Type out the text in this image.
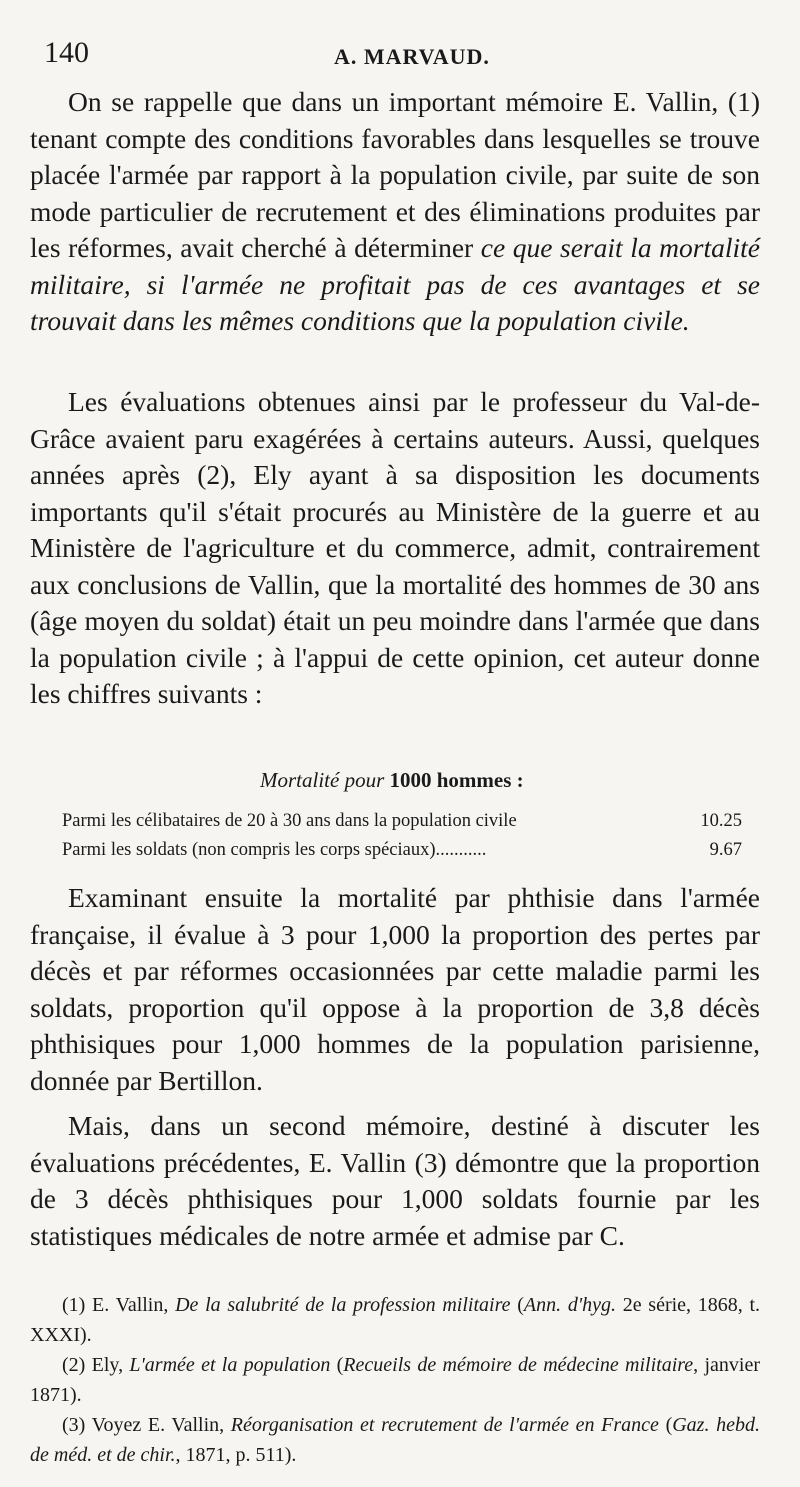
140	A. MARVAUD.

On se rappelle que dans un important mémoire E. Vallin, (1) tenant compte des conditions favorables dans lesquelles se trouve placée l'armée par rapport à la population civile, par suite de son mode particulier de recrutement et des éliminations produites par les réformes, avait cherché à déterminer ce que serait la mortalité militaire, si l'armée ne profitait pas de ces avantages et se trouvait dans les mêmes conditions que la population civile.

Les évaluations obtenues ainsi par le professeur du Val-de-Grâce avaient paru exagérées à certains auteurs. Aussi, quelques années après (2), Ely ayant à sa disposition les documents importants qu'il s'était procurés au Ministère de la guerre et au Ministère de l'agriculture et du commerce, admit, contrairement aux conclusions de Vallin, que la mortalité des hommes de 30 ans (âge moyen du soldat) était un peu moindre dans l'armée que dans la population civile ; à l'appui de cette opinion, cet auteur donne les chiffres suivants :

Mortalité pour 1000 hommes :
Parmi les célibataires de 20 à 30 ans dans la population civile	10.25
Parmi les soldats (non compris les corps spéciaux)...........	9.67

Examinant ensuite la mortalité par phthisie dans l'armée française, il évalue à 3 pour 1,000 la proportion des pertes par décès et par réformes occasionnées par cette maladie parmi les soldats, proportion qu'il oppose à la proportion de 3,8 décès phthisiques pour 1,000 hommes de la population parisienne, donnée par Bertillon.

Mais, dans un second mémoire, destiné à discuter les évaluations précédentes, E. Vallin (3) démontre que la proportion de 3 décès phthisiques pour 1,000 soldats fournie par les statistiques médicales de notre armée et admise par C.

(1) E. Vallin, De la salubrité de la profession militaire (Ann. d'hyg. 2e série, 1868, t. XXXI).

(2) Ely, L'armée et la population (Recueils de mémoire de médecine militaire, janvier 1871).

(3) Voyez E. Vallin, Réorganisation et recrutement de l'armée en France (Gaz. hebd. de méd. et de chir., 1871, p. 511).
